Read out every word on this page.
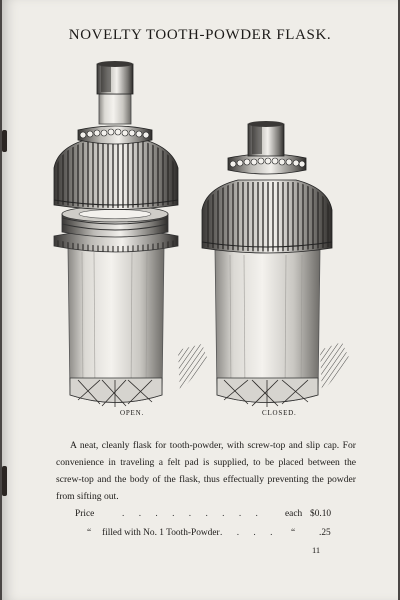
NOVELTY TOOTH-POWDER FLASK.
OPEN.	CLOSED.
A neat, cleanly flask for tooth-powder, with screw-top and slip cap. For convenience in traveling a felt pad is supplied, to be placed between the screw-top and the body of the flask, thus effectually preventing the powder from sifting out.
Price	. . . . . . . . . each $0.10
“ filled with No. 1 Tooth-Powder . . . . “	.25
11
